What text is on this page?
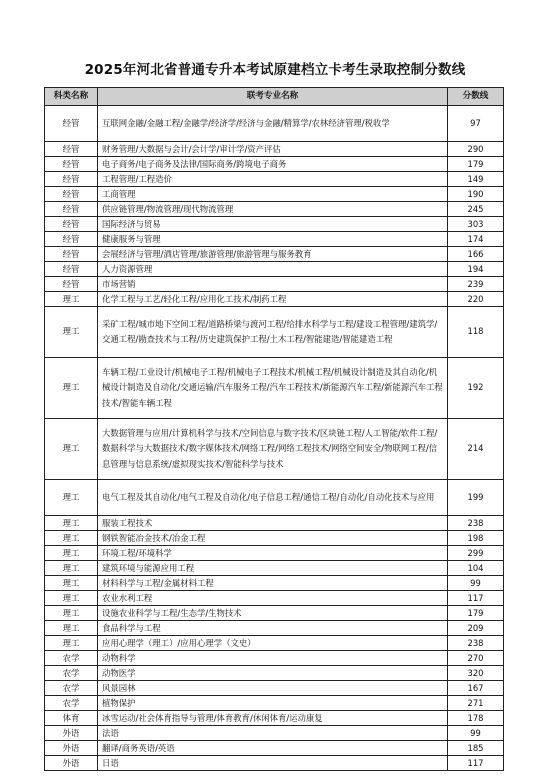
2025年河北省普通专升本考试原建档立卡考生录取控制分数线
科类名称	联考专业名称	分数线
经管	互联网金融/金融工程/金融学/经济学/经济与金融/精算学/农林经济管理/税收学	97
经管	财务管理/大数据与会计/会计学/审计学/资产评估	290
经管	电子商务/电子商务及法律/国际商务/跨境电子商务	179
经管	工程管理/工程造价	149
经管	工商管理	190
经管	供应链管理/物流管理/现代物流管理	245
经管	国际经济与贸易	303
经管	健康服务与管理	174
经管	会展经济与管理/酒店管理/旅游管理/旅游管理与服务教育	166
经管	人力资源管理	194
经管	市场营销	239
理工	化学工程与工艺/轻化工程/应用化工技术/制药工程	220
理工	采矿工程/城市地下空间工程/道路桥梁与渡河工程/给排水科学与工程/建设工程管理/建筑学/交通工程/勘查技术与工程/历史建筑保护工程/土木工程/智能建造/智能建造工程	118
理工	车辆工程/工业设计/机械电子工程/机械电子工程技术/机械工程/机械设计制造及其自动化/机械设计制造及自动化/交通运输/汽车服务工程/汽车工程技术/新能源汽车工程/新能源汽车工程技术/智能车辆工程	192
理工	大数据管理与应用/计算机科学与技术/空间信息与数字技术/区块链工程/人工智能/软件工程/数据科学与大数据技术/数字媒体技术/网络工程/网络工程技术/网络空间安全/物联网工程/信息管理与信息系统/虚拟现实技术/智能科学与技术	214
理工	电气工程及其自动化/电气工程及自动化/电子信息工程/通信工程/自动化/自动化技术与应用	199
理工	服装工程技术	238
理工	钢铁智能冶金技术/冶金工程	198
理工	环境工程/环境科学	299
理工	建筑环境与能源应用工程	104
理工	材料科学与工程/金属材料工程	99
理工	农业水利工程	117
理工	设施农业科学与工程/生态学/生物技术	179
理工	食品科学与工程	209
理工	应用心理学（理工）/应用心理学（文史）	238
农学	动物科学	270
农学	动物医学	320
农学	风景园林	167
农学	植物保护	271
体育	冰雪运动/社会体育指导与管理/体育教育/休闲体育/运动康复	178
外语	法语	99
外语	翻译/商务英语/英语	185
外语	日语	117
